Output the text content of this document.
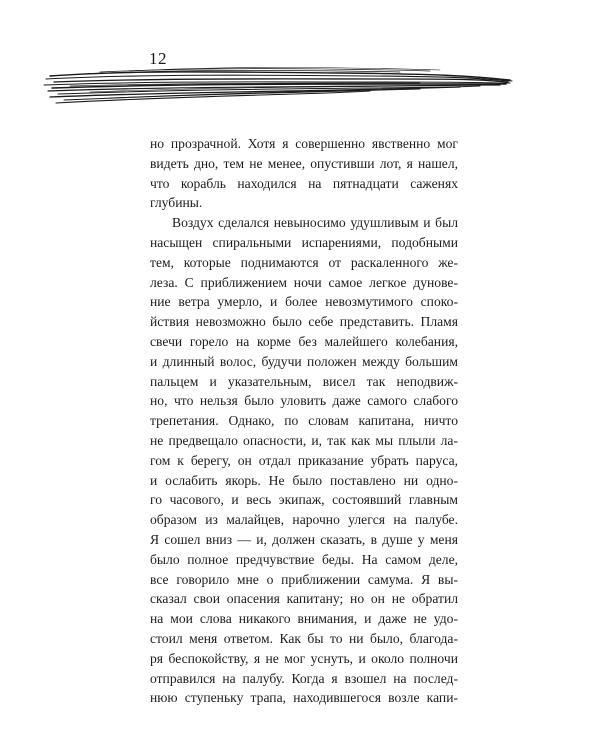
12
но прозрачной. Хотя я совершенно явственно мог
видеть дно, тем не менее, опустивши лот, я нашел,
что корабль находился на пятнадцати саженях
глубины.
Воздух сделался невыносимо удушливым и был
насыщен спиральными испарениями, подобными
тем, которые поднимаются от раскаленного же-
леза. С приближением ночи самое легкое дунове-
ние ветра умерло, и более невозмутимого споко-
йствия невозможно было себе представить. Пламя
свечи горело на корме без малейшего колебания,
и длинный волос, будучи положен между большим
пальцем и указательным, висел так неподвиж-
но, что нельзя было уловить даже самого слабого
трепетания. Однако, по словам капитана, ничто
не предвещало опасности, и, так как мы плыли ла-
гом к берегу, он отдал приказание убрать паруса,
и ослабить якорь. Не было поставлено ни одно-
го часового, и весь экипаж, состоявший главным
образом из малайцев, нарочно улегся на палубе.
Я сошел вниз — и, должен сказать, в душе у меня
было полное предчувствие беды. На самом деле,
все говорило мне о приближении самума. Я вы-
сказал свои опасения капитану; но он не обратил
на мои слова никакого внимания, и даже не удо-
стоил меня ответом. Как бы то ни было, благода-
ря беспокойству, я не мог уснуть, и около полночи
отправился на палубу. Когда я взошел на послед-
нюю ступеньку трапа, находившегося возле капи-
